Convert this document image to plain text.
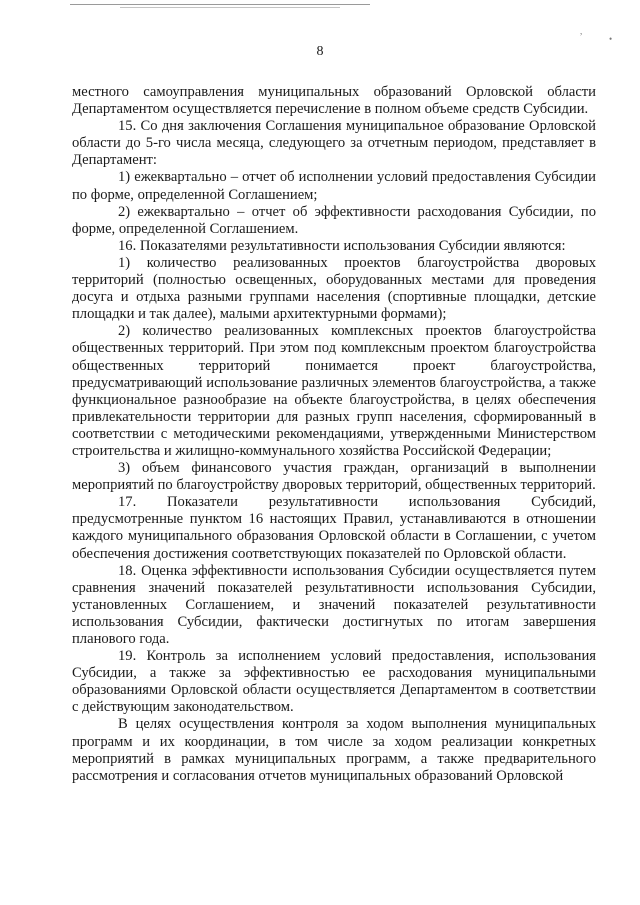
,
•
8

местного самоуправления муниципальных образований Орловской области Департаментом осуществляется перечисление в полном объеме средств Субсидии.

15. Со дня заключения Соглашения муниципальное образование Орловской области до 5-го числа месяца, следующего за отчетным периодом, представляет в Департамент:

1) ежеквартально – отчет об исполнении условий предоставления Субсидии по форме, определенной Соглашением;

2) ежеквартально – отчет об эффективности расходования Субсидии, по форме, определенной Соглашением.

16. Показателями результативности использования Субсидии являются:

1) количество реализованных проектов благоустройства дворовых территорий (полностью освещенных, оборудованных местами для проведения досуга и отдыха разными группами населения (спортивные площадки, детские площадки и так далее), малыми архитектурными формами);

2) количество реализованных комплексных проектов благоустройства общественных территорий. При этом под комплексным проектом благоустройства общественных территорий понимается проект благоустройства, предусматривающий использование различных элементов благоустройства, а также функциональное разнообразие на объекте благоустройства, в целях обеспечения привлекательности территории для разных групп населения, сформированный в соответствии с методическими рекомендациями, утвержденными Министерством строительства и жилищно-коммунального хозяйства Российской Федерации;

3) объем финансового участия граждан, организаций в выполнении мероприятий по благоустройству дворовых территорий, общественных территорий.

17. Показатели результативности использования Субсидий, предусмотренные пунктом 16 настоящих Правил, устанавливаются в отношении каждого муниципального образования Орловской области в Соглашении, с учетом обеспечения достижения соответствующих показателей по Орловской области.

18. Оценка эффективности использования Субсидии осуществляется путем сравнения значений показателей результативности использования Субсидии, установленных Соглашением, и значений показателей результативности использования Субсидии, фактически достигнутых по итогам завершения планового года.

19. Контроль за исполнением условий предоставления, использования Субсидии, а также за эффективностью ее расходования муниципальными образованиями Орловской области осуществляется Департаментом в соответствии с действующим законодательством.

В целях осуществления контроля за ходом выполнения муниципальных программ и их координации, в том числе за ходом реализации конкретных мероприятий в рамках муниципальных программ, а также предварительного рассмотрения и согласования отчетов муниципальных образований Орловской
